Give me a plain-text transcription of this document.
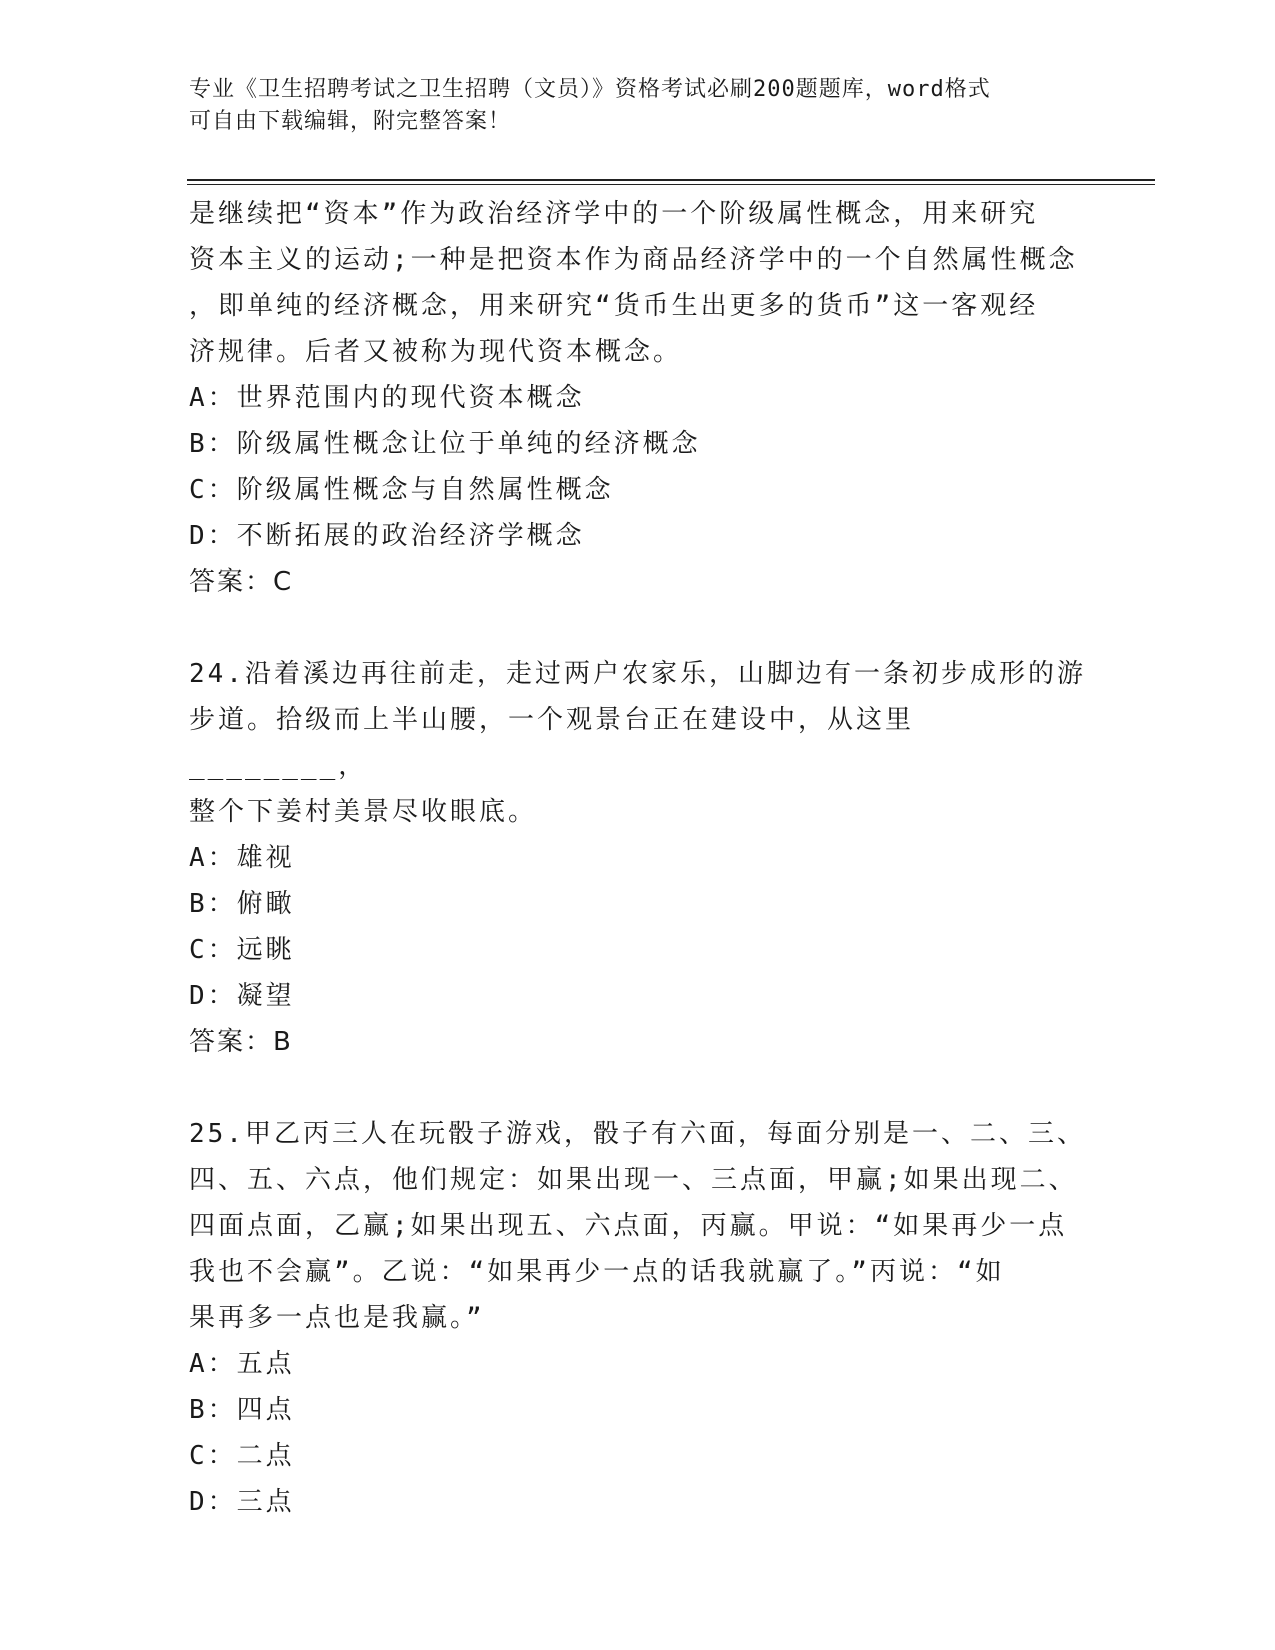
专业《卫生招聘考试之卫生招聘（文员）》资格考试必刷200题题库，word格式
可自由下载编辑，附完整答案！

是继续把“资本”作为政治经济学中的一个阶级属性概念，用来研究

资本主义的运动;一种是把资本作为商品经济学中的一个自然属性概念

，即单纯的经济概念，用来研究“货币生出更多的货币”这一客观经

济规律。后者又被称为现代资本概念。

A：世界范围内的现代资本概念

B：阶级属性概念让位于单纯的经济概念

C：阶级属性概念与自然属性概念

D：不断拓展的政治经济学概念

答案：C

24.沿着溪边再往前走，走过两户农家乐，山脚边有一条初步成形的游

步道。拾级而上半山腰，一个观景台正在建设中，从这里________，

整个下姜村美景尽收眼底。

A：雄视

B：俯瞰

C：远眺

D：凝望

答案：B

25.甲乙丙三人在玩骰子游戏，骰子有六面，每面分别是一、二、三、

四、五、六点，他们规定：如果出现一、三点面，甲赢;如果出现二、

四面点面，乙赢;如果出现五、六点面，丙赢。甲说：“如果再少一点

我也不会赢”。乙说：“如果再少一点的话我就赢了。”丙说：“如

果再多一点也是我赢。”

A：五点

B：四点

C：二点

D：三点
